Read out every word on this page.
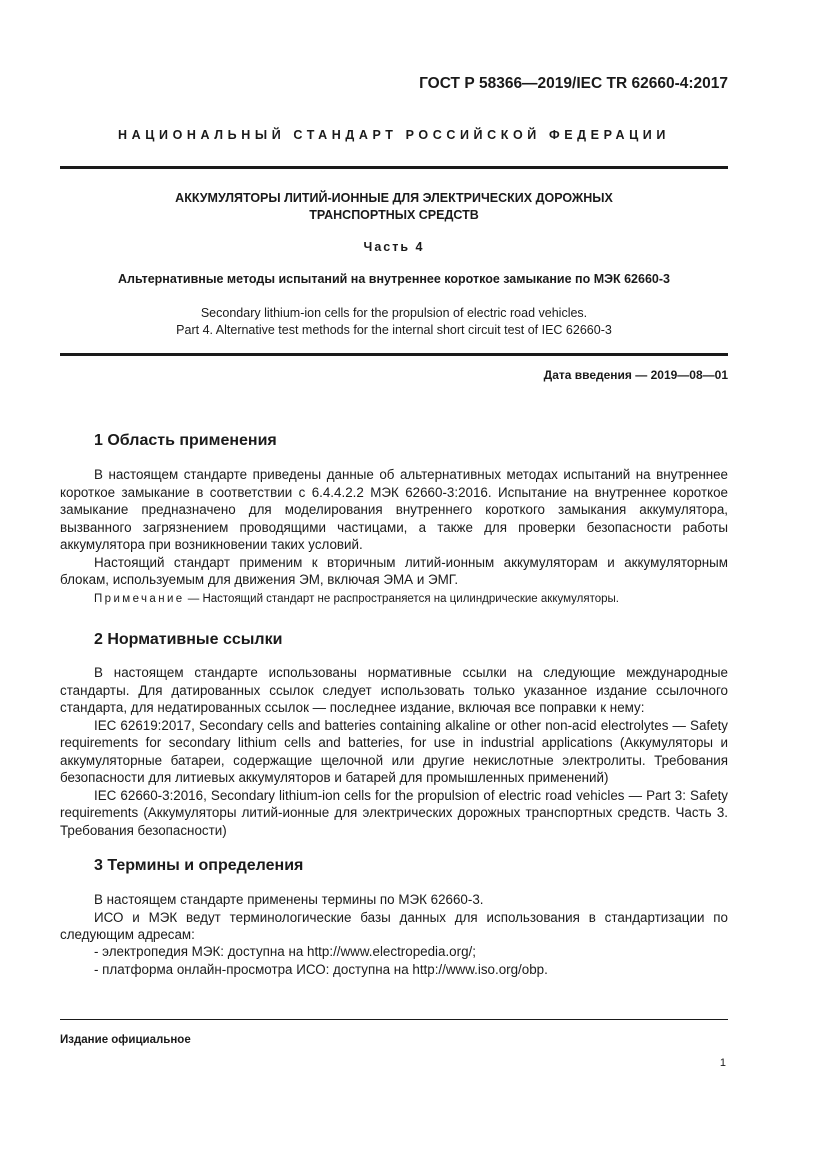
ГОСТ Р 58366—2019/IEC TR 62660-4:2017
НАЦИОНАЛЬНЫЙ СТАНДАРТ РОССИЙСКОЙ ФЕДЕРАЦИИ
АККУМУЛЯТОРЫ ЛИТИЙ-ИОННЫЕ ДЛЯ ЭЛЕКТРИЧЕСКИХ ДОРОЖНЫХ
ТРАНСПОРТНЫХ СРЕДСТВ
Часть 4
Альтернативные методы испытаний на внутреннее короткое замыкание по МЭК 62660-3
Secondary lithium-ion cells for the propulsion of electric road vehicles.
Part 4. Alternative test methods for the internal short circuit test of IEC 62660-3
Дата введения — 2019—08—01
1 Область применения

В настоящем стандарте приведены данные об альтернативных методах испытаний на внутреннее короткое замыкание в соответствии с 6.4.4.2.2 МЭК 62660-3:2016. Испытание на внутреннее короткое замыкание предназначено для моделирования внутреннего короткого замыкания аккумулятора, вызванного загрязнением проводящими частицами, а также для проверки безопасности работы аккумулятора при возникновении таких условий.

Настоящий стандарт применим к вторичным литий-ионным аккумуляторам и аккумуляторным блокам, используемым для движения ЭМ, включая ЭМА и ЭМГ.

Примечание — Настоящий стандарт не распространяется на цилиндрические аккумуляторы.
2 Нормативные ссылки

В настоящем стандарте использованы нормативные ссылки на следующие международные стандарты. Для датированных ссылок следует использовать только указанное издание ссылочного стандарта, для недатированных ссылок — последнее издание, включая все поправки к нему:

IEC 62619:2017, Secondary cells and batteries containing alkaline or other non-acid electrolytes — Safety requirements for secondary lithium cells and batteries, for use in industrial applications (Аккумуляторы и аккумуляторные батареи, содержащие щелочной или другие некислотные электролиты. Требования безопасности для литиевых аккумуляторов и батарей для промышленных применений)

IEC 62660-3:2016, Secondary lithium-ion cells for the propulsion of electric road vehicles — Part 3: Safety requirements (Аккумуляторы литий-ионные для электрических дорожных транспортных средств. Часть 3. Требования безопасности)

3 Термины и определения

В настоящем стандарте применены термины по МЭК 62660-3.

ИСО и МЭК ведут терминологические базы данных для использования в стандартизации по следующим адресам:

- электропедия МЭК: доступна на http://www.electropedia.org/;
- платформа онлайн-просмотра ИСО: доступна на http://www.iso.org/obp.
Издание официальное
1
